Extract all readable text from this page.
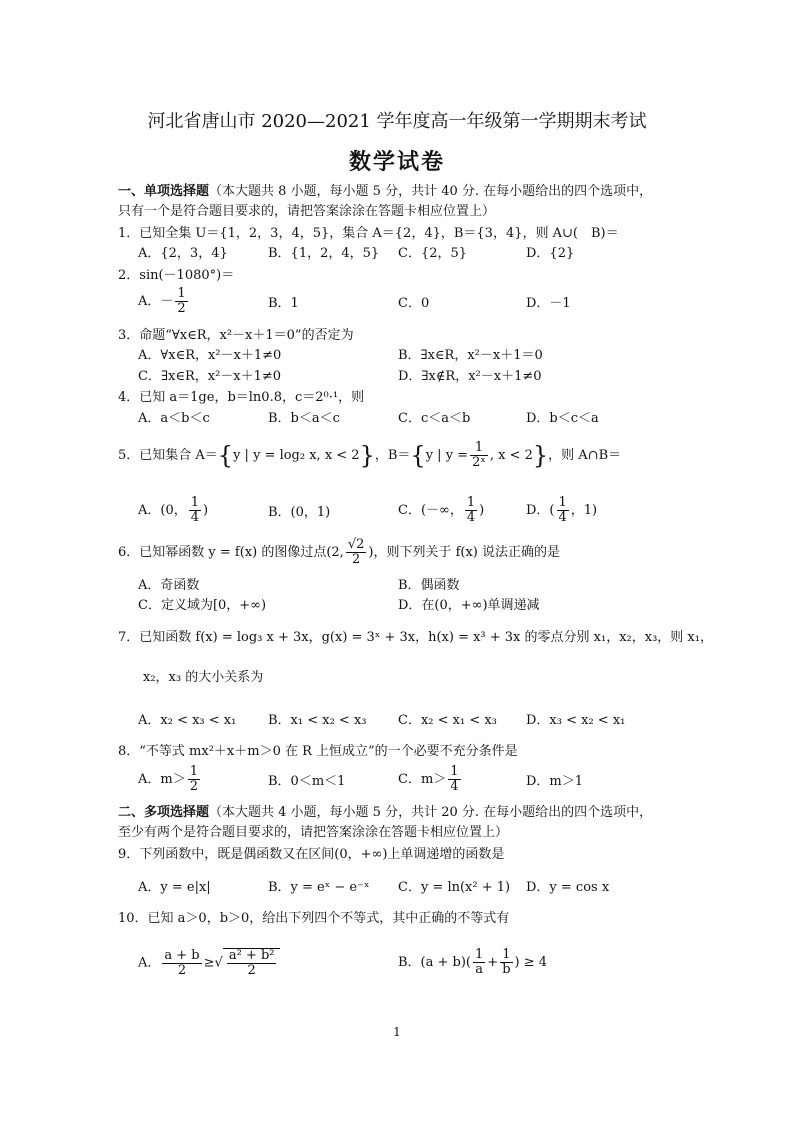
河北省唐山市 2020—2021 学年度高一年级第一学期期末考试
数学试卷
一、单项选择题（本大题共 8 小题，每小题 5 分，共计 40 分. 在每小题给出的四个选项中，
只有一个是符合题目要求的，请把答案涂涂在答题卡相应位置上）
1．已知全集 U＝{1，2，3，4，5}，集合 A＝{2，4}，B＝{3，4}，则 A∪(　B)＝
A．{2，3，4}	B．{1，2，4，5} C．{2，5}	D．{2}
2．sin(－1080°)＝
A．－ $\frac{1}{2}$	B．1	C．0	D．－1
3．命题“∀x∈R，x²－x＋1＝0”的否定为
A．∀x∈R，x²－x＋1≠0	B．∃x∈R，x²－x＋1＝0
C．∃x∈R，x²－x＋1≠0	D．∃x∉R，x²－x＋1≠0
4．已知 a＝1ge，b＝ln0.8，c＝2⁰·¹，则
A．a＜b＜c	B．b＜a＜c	C．c＜a＜b	D．b＜c＜a
5．已知集合 A＝{y | y = log₂ x, x < 2}，B＝{y | $y = \frac{1}{\text{2ˣ}}$ , x < 2}，则 A∩B＝
A．(0， $\frac{1}{4}$ )	B．(0，1)	C．(－∞， $\frac{1}{4}$ )	D．( $\frac{1}{4}$ ，1)
6．已知幂函数 y = f(x) 的图像过点(2, $\frac{√2}{2}$ )，则下列关于 f(x) 说法正确的是
A．奇函数	B．偶函数
C．定义域为[0，+∞)	D．在(0，+∞)单调递减
7．已知函数 f(x) = log₃ x + 3x，g(x) = 3ˣ + 3x，h(x) = x³ + 3x 的零点分别 x₁，x₂，x₃，则 x₁，
x₂，x₃ 的大小关系为
A．x₂ < x₃ < x₁ B．x₁ < x₂ < x₃ C．x₂ < x₁ < x₃ D．x₃ < x₂ < x₁
8．“不等式 mx²＋x＋m＞0 在 R 上恒成立”的一个必要不充分条件是
A．$m> \frac{1}{2}$	B．0＜m＜1	C．$m> \frac{1}{4}$	D．m＞1
二、多项选择题（本大题共 4 小题，每小题 5 分，共计 20 分. 在每小题给出的四个选项中，
至少有两个是符合题目要求的，请把答案涂涂在答题卡相应位置上）
9．下列函数中，既是偶函数又在区间(0，+∞)上单调递增的函数是
A．y = e|x|	B．y = eˣ − e⁻ˣ C．y = ln(x² + 1) D．y = cos x
10．已知 a＞0，b＞0，给出下列四个不等式，其中正确的不等式有
A． $\frac{a + b}{2}$ ≥√ $\frac{\text{a² + b²}}{2}$	B．$(a + b)( \frac{1}{a} + \frac{1}{b}$ ) ≥ 4
1
